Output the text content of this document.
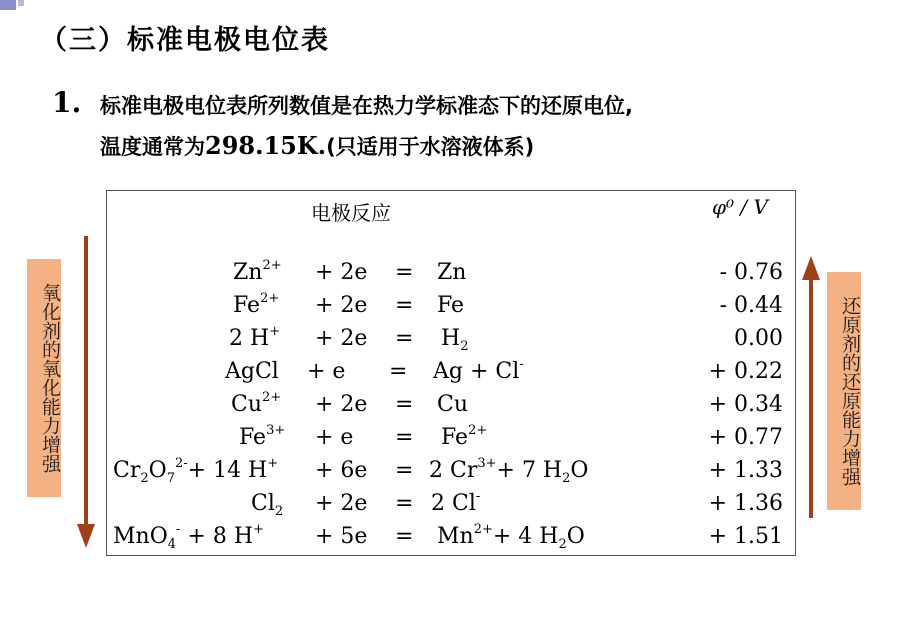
（三）标准电极电位表
1. 标准电极电位表所列数值是在热力学标准态下的还原电位,
温度通常为298.15K.(只适用于水溶液体系)
电极反应	φ⁰ / V
$Zn^{2+} + 2e = Zn$	- 0.76
$Fe^{2+} + 2e = Fe$	- 0.44
2 $H^+ + 2e = H_2$	0.00
AgCl + e = Ag + Cl-	+ 0.22
$Cu^{2+} + 2e = Cu$	+ 0.34
$Fe^{3+} + e = Fe^{2+}$	+ 0.77
$Cr_2O_7^{2-}+ 14$ H+ + 6e = 2 $Cr^{3+}+ 7$ $H_2O$	+ 1.33
$Cl_2 + 2e = 2$ Cl-	+ 1.36
MnO$_4$- + 8 $H^+ + 5e = Mn^{2+}+ 4$ $H_2O$	+ 1.51
氧化剂的氧化能力增强	还原剂的还原能力增强
